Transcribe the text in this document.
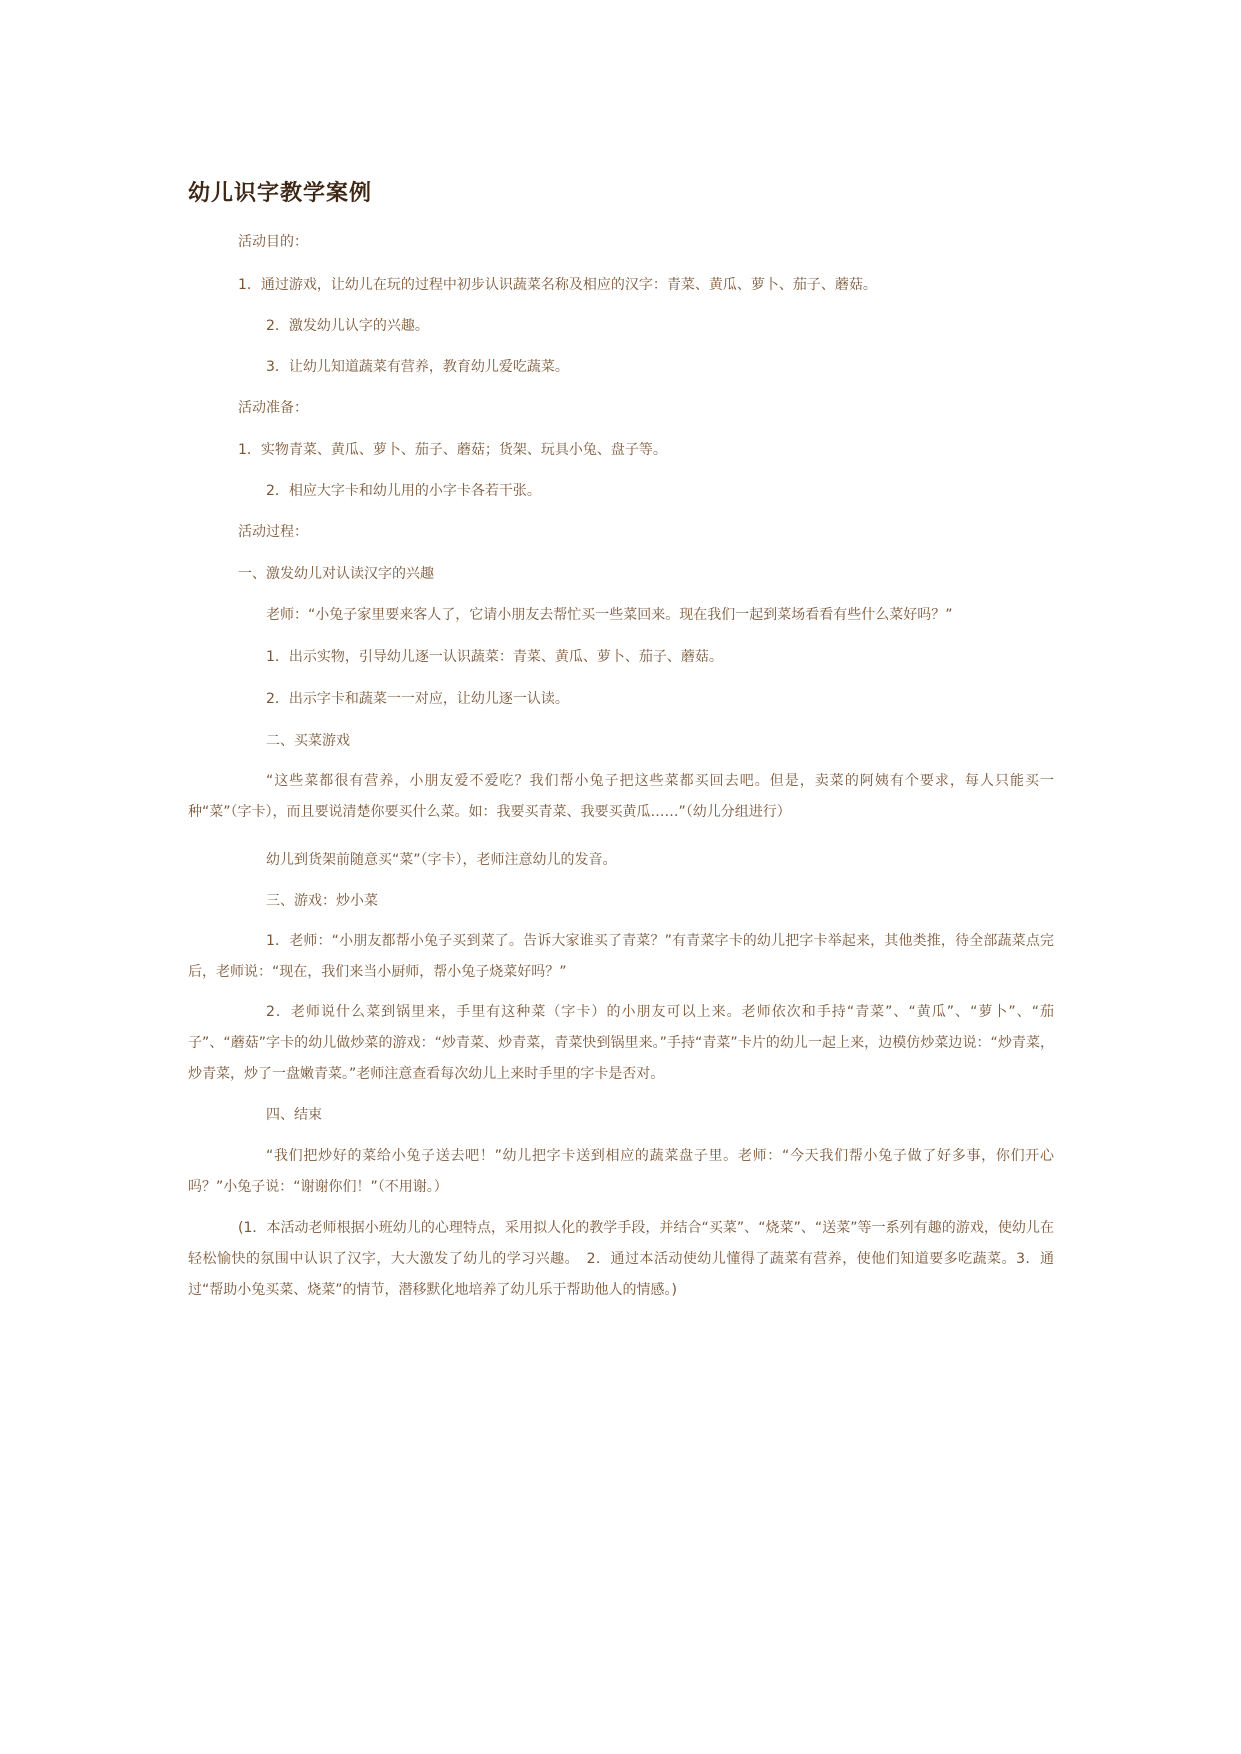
幼儿识字教学案例
活动目的：
1．通过游戏，让幼儿在玩的过程中初步认识蔬菜名称及相应的汉字：青菜、黄瓜、萝卜、茄子、蘑菇。
2．激发幼儿认字的兴趣。
3．让幼儿知道蔬菜有营养，教育幼儿爱吃蔬菜。
活动准备：
1．实物青菜、黄瓜、萝卜、茄子、蘑菇；货架、玩具小兔、盘子等。
2．相应大字卡和幼儿用的小字卡各若干张。
活动过程：
一、激发幼儿对认读汉字的兴趣
老师：“小兔子家里要来客人了，它请小朋友去帮忙买一些菜回来。现在我们一起到菜场看看有些什么菜好吗？”
1．出示实物，引导幼儿逐一认识蔬菜：青菜、黄瓜、萝卜、茄子、蘑菇。
2．出示字卡和蔬菜一一对应，让幼儿逐一认读。
二、买菜游戏
“这些菜都很有营养，小朋友爱不爱吃？我们帮小兔子把这些菜都买回去吧。但是，卖菜的阿姨有个要求，每人只能买一种“菜”（字卡），而且要说清楚你要买什么菜。如：我要买青菜、我要买黄瓜……”（幼儿分组进行）
幼儿到货架前随意买“菜”（字卡），老师注意幼儿的发音。
三、游戏：炒小菜
1．老师：“小朋友都帮小兔子买到菜了。告诉大家谁买了青菜？”有青菜字卡的幼儿把字卡举起来，其他类推，待全部蔬菜点完后，老师说：“现在，我们来当小厨师，帮小兔子烧菜好吗？”
2．老师说什么菜到锅里来，手里有这种菜（字卡）的小朋友可以上来。老师依次和手持“青菜”、“黄瓜”、“萝卜”、“茄子”、“蘑菇”字卡的幼儿做炒菜的游戏：“炒青菜、炒青菜，青菜快到锅里来。”手持“青菜”卡片的幼儿一起上来，边模仿炒菜边说：“炒青菜，炒青菜，炒了一盘嫩青菜。”老师注意查看每次幼儿上来时手里的字卡是否对。
四、结束
“我们把炒好的菜给小兔子送去吧！”幼儿把字卡送到相应的蔬菜盘子里。老师：“今天我们帮小兔子做了好多事，你们开心吗？”小兔子说：“谢谢你们！”（不用谢。）
(1．本活动老师根据小班幼儿的心理特点，采用拟人化的教学手段，并结合“买菜”、“烧菜”、“送菜”等一系列有趣的游戏，使幼儿在轻松愉快的氛围中认识了汉字，大大激发了幼儿的学习兴趣。　2．通过本活动使幼儿懂得了蔬菜有营养，使他们知道要多吃蔬菜。3．通过“帮助小兔买菜、烧菜”的情节，潜移默化地培养了幼儿乐于帮助他人的情感。)
